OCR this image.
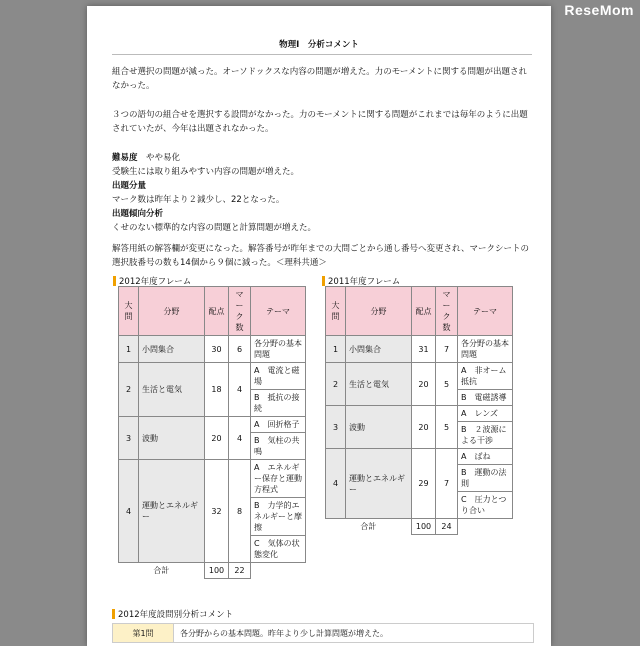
ReseMom
物理Ⅰ　分析コメント
組合せ選択の問題が減った。オーソドックスな内容の問題が増えた。力のモーメントに関する問題が出題されなかった。
３つの語句の組合せを選択する設問がなかった。力のモーメントに関する問題がこれまでは毎年のように出題されていたが、今年は出題されなかった。
難易度　 やや易化
受験生には取り組みやすい内容の問題が増えた。
出題分量
マーク数は昨年より２減少し、22となった。
出題傾向分析
くせのない標準的な内容の問題と計算問題が増えた。
解答用紙の解答欄が変更になった。解答番号が昨年までの大問ごとから通し番号へ変更され、マークシートの選択肢番号の数も14個から９個に減った。＜理科共通＞
2012年度フレーム
大問	分野	配点	マーク数	テーマ
1	小問集合	30	6	各分野の基本問題
2	生活と電気	18	4	A　電流と磁場
				B　抵抗の接続
3	波動	20	4	A　回折格子
				B　気柱の共鳴
4	運動とエネルギー	32	8	A　エネルギー保存と運動方程式
				B　力学的エネルギーと摩擦
				C　気体の状態変化
合計		100	22	
2011年度フレーム
大問	分野	配点	マーク数	テーマ
1	小問集合	31	7	各分野の基本問題
2	生活と電気	20	5	A　非オーム抵抗
				B　電磁誘導
3	波動	20	5	A　レンズ
				B　２波源による干渉
4	運動とエネルギー	29	7	A　ばね
				B　運動の法則
				C　圧力とつり合い
合計		100	24	
2012年度設問別分析コメント
第1問	各分野からの基本問題。昨年より少し計算問題が増えた。
